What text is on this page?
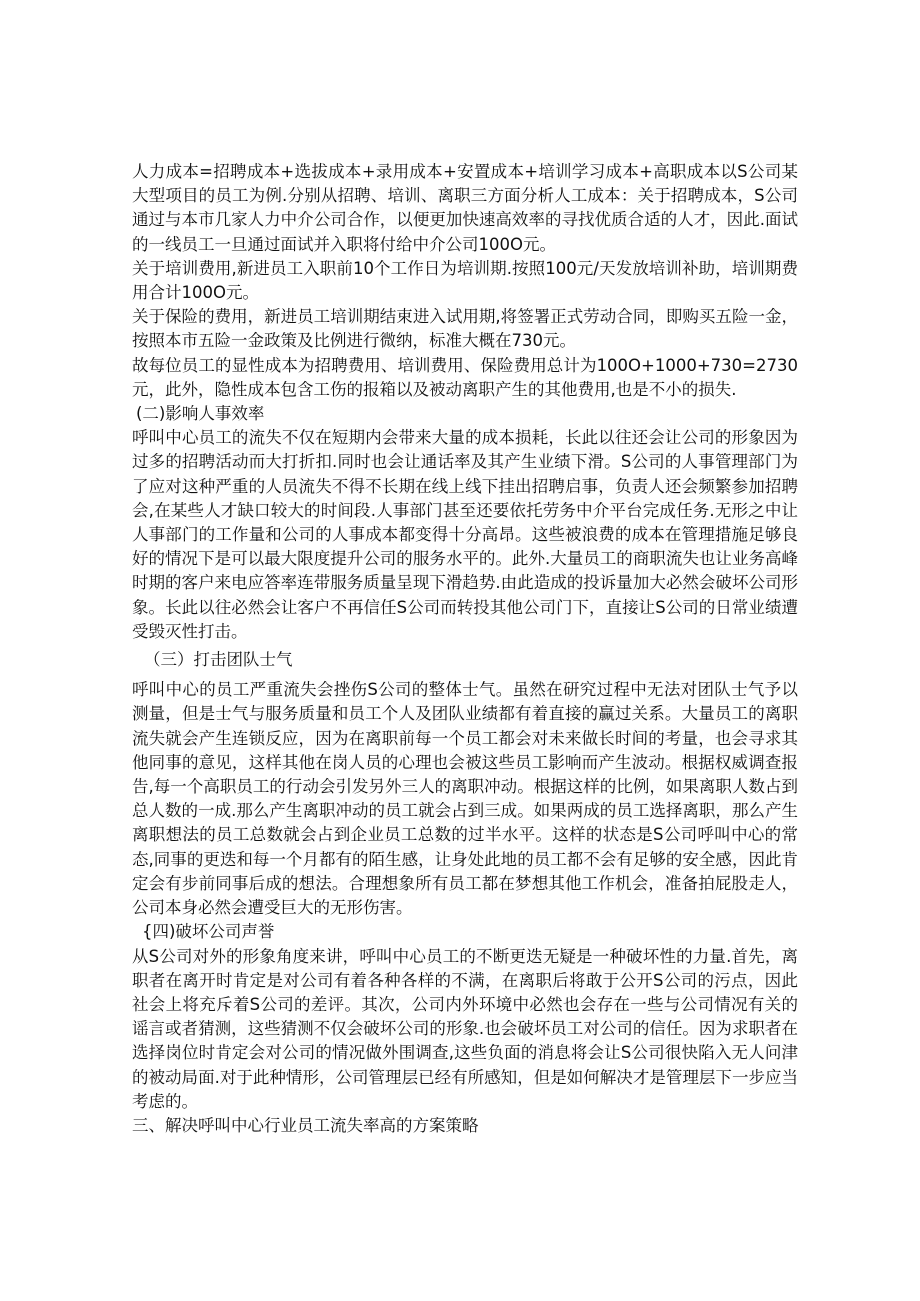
人力成本=招聘成本+选拔成本+录用成本+安置成本+培训学习成本+高职成本以S公司某大型项目的员工为例.分别从招聘、培训、离职三方面分析人工成本：关于招聘成本，S公司通过与本市几家人力中介公司合作，以便更加快速高效率的寻找优质合适的人才，因此.面试的一线员工一旦通过面试并入职将付给中介公司100O元。

关于培训费用,新进员工入职前10个工作日为培训期.按照100元/天发放培训补助，培训期费用合计100O元。

关于保险的费用，新进员工培训期结束进入试用期,将签署正式劳动合同，即购买五险一金，按照本市五险一金政策及比例进行微纳，标准大概在730元。

故每位员工的显性成本为招聘费用、培训费用、保险费用总计为100O+1000+730=2730元，此外，隐性成本包含工伤的报箱以及被动离职产生的其他费用,也是不小的损失.

(二)影响人事效率

呼叫中心员工的流失不仅在短期内会带来大量的成本损耗，长此以往还会让公司的形象因为过多的招聘活动而大打折扣.同时也会让通话率及其产生业绩下滑。S公司的人事管理部门为了应对这种严重的人员流失不得不长期在线上线下挂出招聘启事，负责人还会频繁参加招聘会,在某些人才缺口较大的时间段.人事部门甚至还要依托劳务中介平台完成任务.无形之中让人事部门的工作量和公司的人事成本都变得十分高昂。这些被浪费的成本在管理措施足够良好的情况下是可以最大限度提升公司的服务水平的。此外.大量员工的商职流失也让业务高峰时期的客户来电应答率连带服务质量呈现下滑趋势.由此造成的投诉量加大必然会破坏公司形象。长此以往必然会让客户不再信任S公司而转投其他公司门下，直接让S公司的日常业绩遭受毁灭性打击。

（三）打击团队士气

呼叫中心的员工严重流失会挫伤S公司的整体士气。虽然在研究过程中无法对团队士气予以测量，但是士气与服务质量和员工个人及团队业绩都有着直接的赢过关系。大量员工的离职流失就会产生连锁反应，因为在离职前每一个员工都会对未来做长时间的考量，也会寻求其他同事的意见，这样其他在岗人员的心理也会被这些员工影响而产生波动。根据权威调查报告,每一个高职员工的行动会引发另外三人的离职冲动。根据这样的比例，如果离职人数占到总人数的一成.那么产生离职冲动的员工就会占到三成。如果两成的员工选择离职，那么产生离职想法的员工总数就会占到企业员工总数的过半水平。这样的状态是S公司呼叫中心的常态,同事的更迭和每一个月都有的陌生感，让身处此地的员工都不会有足够的安全感，因此肯定会有步前同事后成的想法。合理想象所有员工都在梦想其他工作机会，准备拍屁股走人，公司本身必然会遭受巨大的无形伤害。

{四)破坏公司声誉

从S公司对外的形象角度来讲，呼叫中心员工的不断更迭无疑是一种破坏性的力量.首先，离职者在离开时肯定是对公司有着各种各样的不满，在离职后将敢于公开S公司的污点，因此社会上将充斥着S公司的差评。其次，公司内外环境中必然也会存在一些与公司情况有关的谣言或者猜测，这些猜测不仅会破坏公司的形象.也会破坏员工对公司的信任。因为求职者在选择岗位时肯定会对公司的情况做外围调查,这些负面的消息将会让S公司很快陷入无人问津的被动局面.对于此种情形，公司管理层已经有所感知，但是如何解决才是管理层下一步应当考虑的。

三、解决呼叫中心行业员工流失率高的方案策略
